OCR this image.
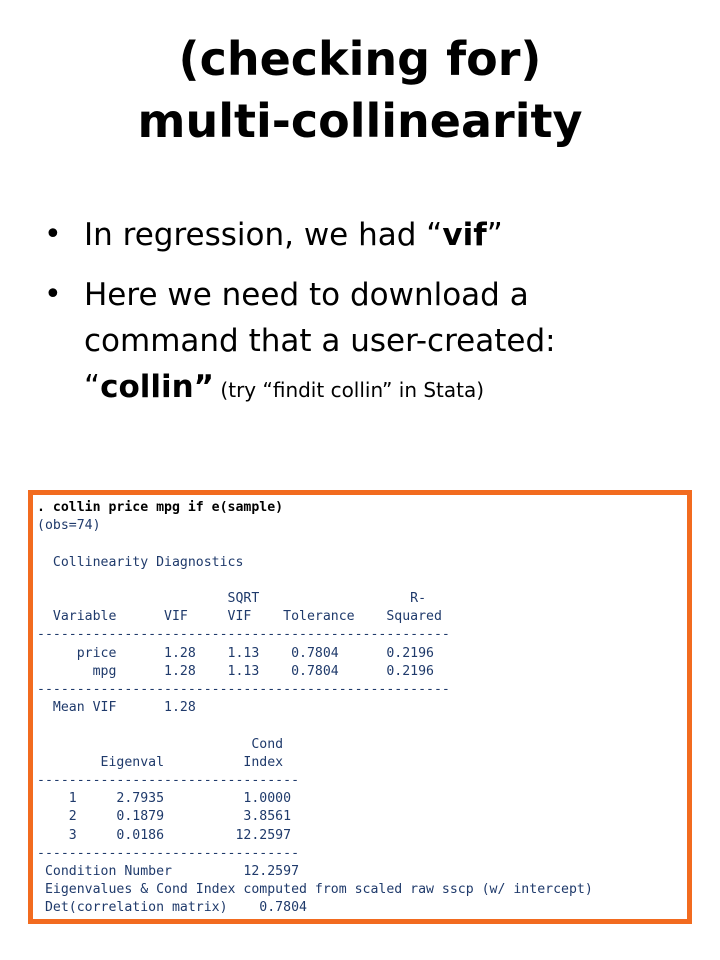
(checking for)
multi-collinearity
• In regression, we had “vif”
• Here we need to download a
command that a user-created:
“collin” (try “findit collin” in Stata)
. collin price mpg if e(sample)
(obs=74)

Collinearity Diagnostics

SQRT                   R-
Variable      VIF     VIF    Tolerance    Squared
----------------------------------------------------
price      1.28    1.13    0.7804      0.2196
mpg      1.28    1.13    0.7804      0.2196
----------------------------------------------------
Mean VIF      1.28

Cond
Eigenval          Index
---------------------------------
1     2.7935          1.0000
2     0.1879          3.8561
3     0.0186         12.2597
---------------------------------
Condition Number         12.2597
Eigenvalues & Cond Index computed from scaled raw sscp (w/ intercept)
Det(correlation matrix)    0.7804
